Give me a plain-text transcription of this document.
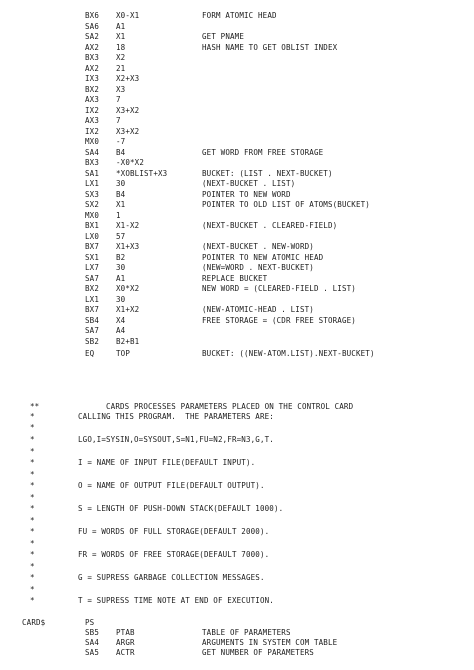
BX6 X0-X1	FORM ATOMIC HEAD
SA6 A1
SA2 X1	GET PNAME
AX2 18	HASH NAME TO GET OBLIST INDEX
BX3 X2
AX2 21
IX3 X2+X3
BX2 X3
AX3 7
IX2 X3+X2
AX3 7
IX2 X3+X2
MX0 -7
SA4 B4	GET WORD FROM FREE STORAGE
BX3 -X0*X2
SA1 *XOBLIST+X3	BUCKET: (LIST . NEXT-BUCKET)
LX1 30	(NEXT-BUCKET . LIST)
SX3 B4	POINTER TO NEW WORD
SX2 X1	POINTER TO OLD LIST OF ATOMS(BUCKET)
MX0 1
BX1 X1-X2	(NEXT-BUCKET . CLEARED-FIELD)
LX0 57
BX7 X1+X3	(NEXT-BUCKET . NEW-WORD)
SX1 B2	POINTER TO NEW ATOMIC HEAD
LX7 30	(NEW=WORD . NEXT-BUCKET)
SA7 A1	REPLACE BUCKET
BX2 X0*X2	NEW WORD = (CLEARED-FIELD . LIST)
LX1 30
BX7 X1+X2	(NEW-ATOMIC-HEAD . LIST)
SB4 X4	FREE STORAGE = (CDR FREE STORAGE)
SA7 A4
SB2 B2+B1
EQ	TOP	BUCKET: ((NEW-ATOM.LIST).NEXT-BUCKET)
**	CARDS PROCESSES PARAMETERS PLACED ON THE CONTROL CARD
*	CALLING THIS PROGRAM.  THE PARAMETERS ARE:
*
*	LGO,I=SYSIN,O=SYSOUT,S=N1,FU=N2,FR=N3,G,T.
*
*	I = NAME OF INPUT FILE(DEFAULT INPUT).
*
*	O = NAME OF OUTPUT FILE(DEFAULT OUTPUT).
*
*	S = LENGTH OF PUSH-DOWN STACK(DEFAULT 1000).
*
*	FU = WORDS OF FULL STORAGE(DEFAULT 2000).
*
*	FR = WORDS OF FREE STORAGE(DEFAULT 7000).
*
*	G = SUPRESS GARBAGE COLLECTION MESSAGES.
*
*	T = SUPRESS TIME NOTE AT END OF EXECUTION.
CARD$	PS
SB5 PTAB	TABLE OF PARAMETERS
SA4 ARGR	ARGUMENTS IN SYSTEM COM TABLE
SA5 ACTR	GET NUMBER OF PARAMETERS
